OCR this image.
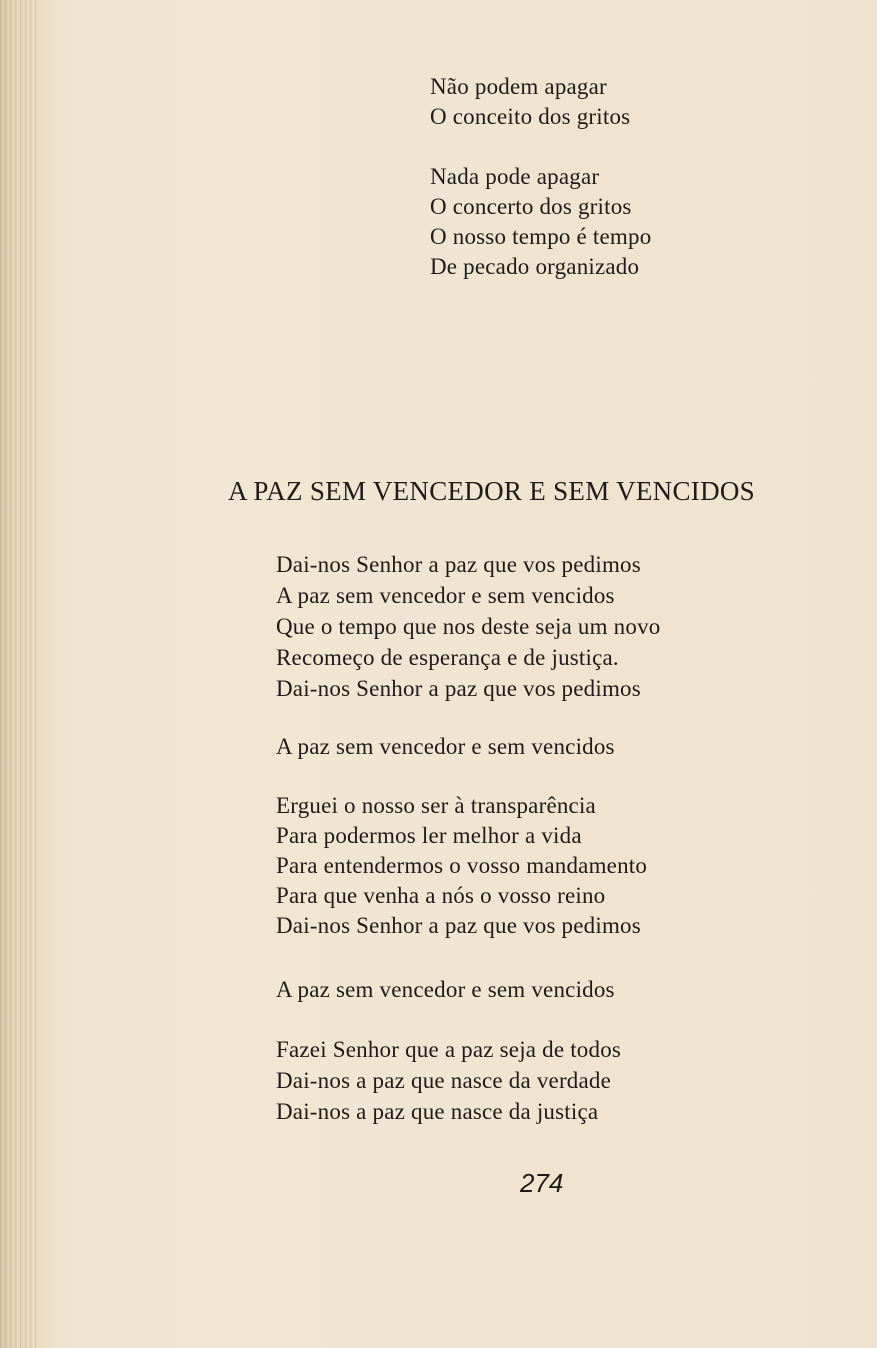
Não podem apagar
O conceito dos gritos
Nada pode apagar
O concerto dos gritos
O nosso tempo é tempo
De pecado organizado
A PAZ SEM VENCEDOR E SEM VENCIDOS
Dai-nos Senhor a paz que vos pedimos
A paz sem vencedor e sem vencidos
Que o tempo que nos deste seja um novo
Recomeço de esperança e de justiça.
Dai-nos Senhor a paz que vos pedimos
A paz sem vencedor e sem vencidos
Erguei o nosso ser à transparência
Para podermos ler melhor a vida
Para entendermos o vosso mandamento
Para que venha a nós o vosso reino
Dai-nos Senhor a paz que vos pedimos
A paz sem vencedor e sem vencidos
Fazei Senhor que a paz seja de todos
Dai-nos a paz que nasce da verdade
Dai-nos a paz que nasce da justiça
274
